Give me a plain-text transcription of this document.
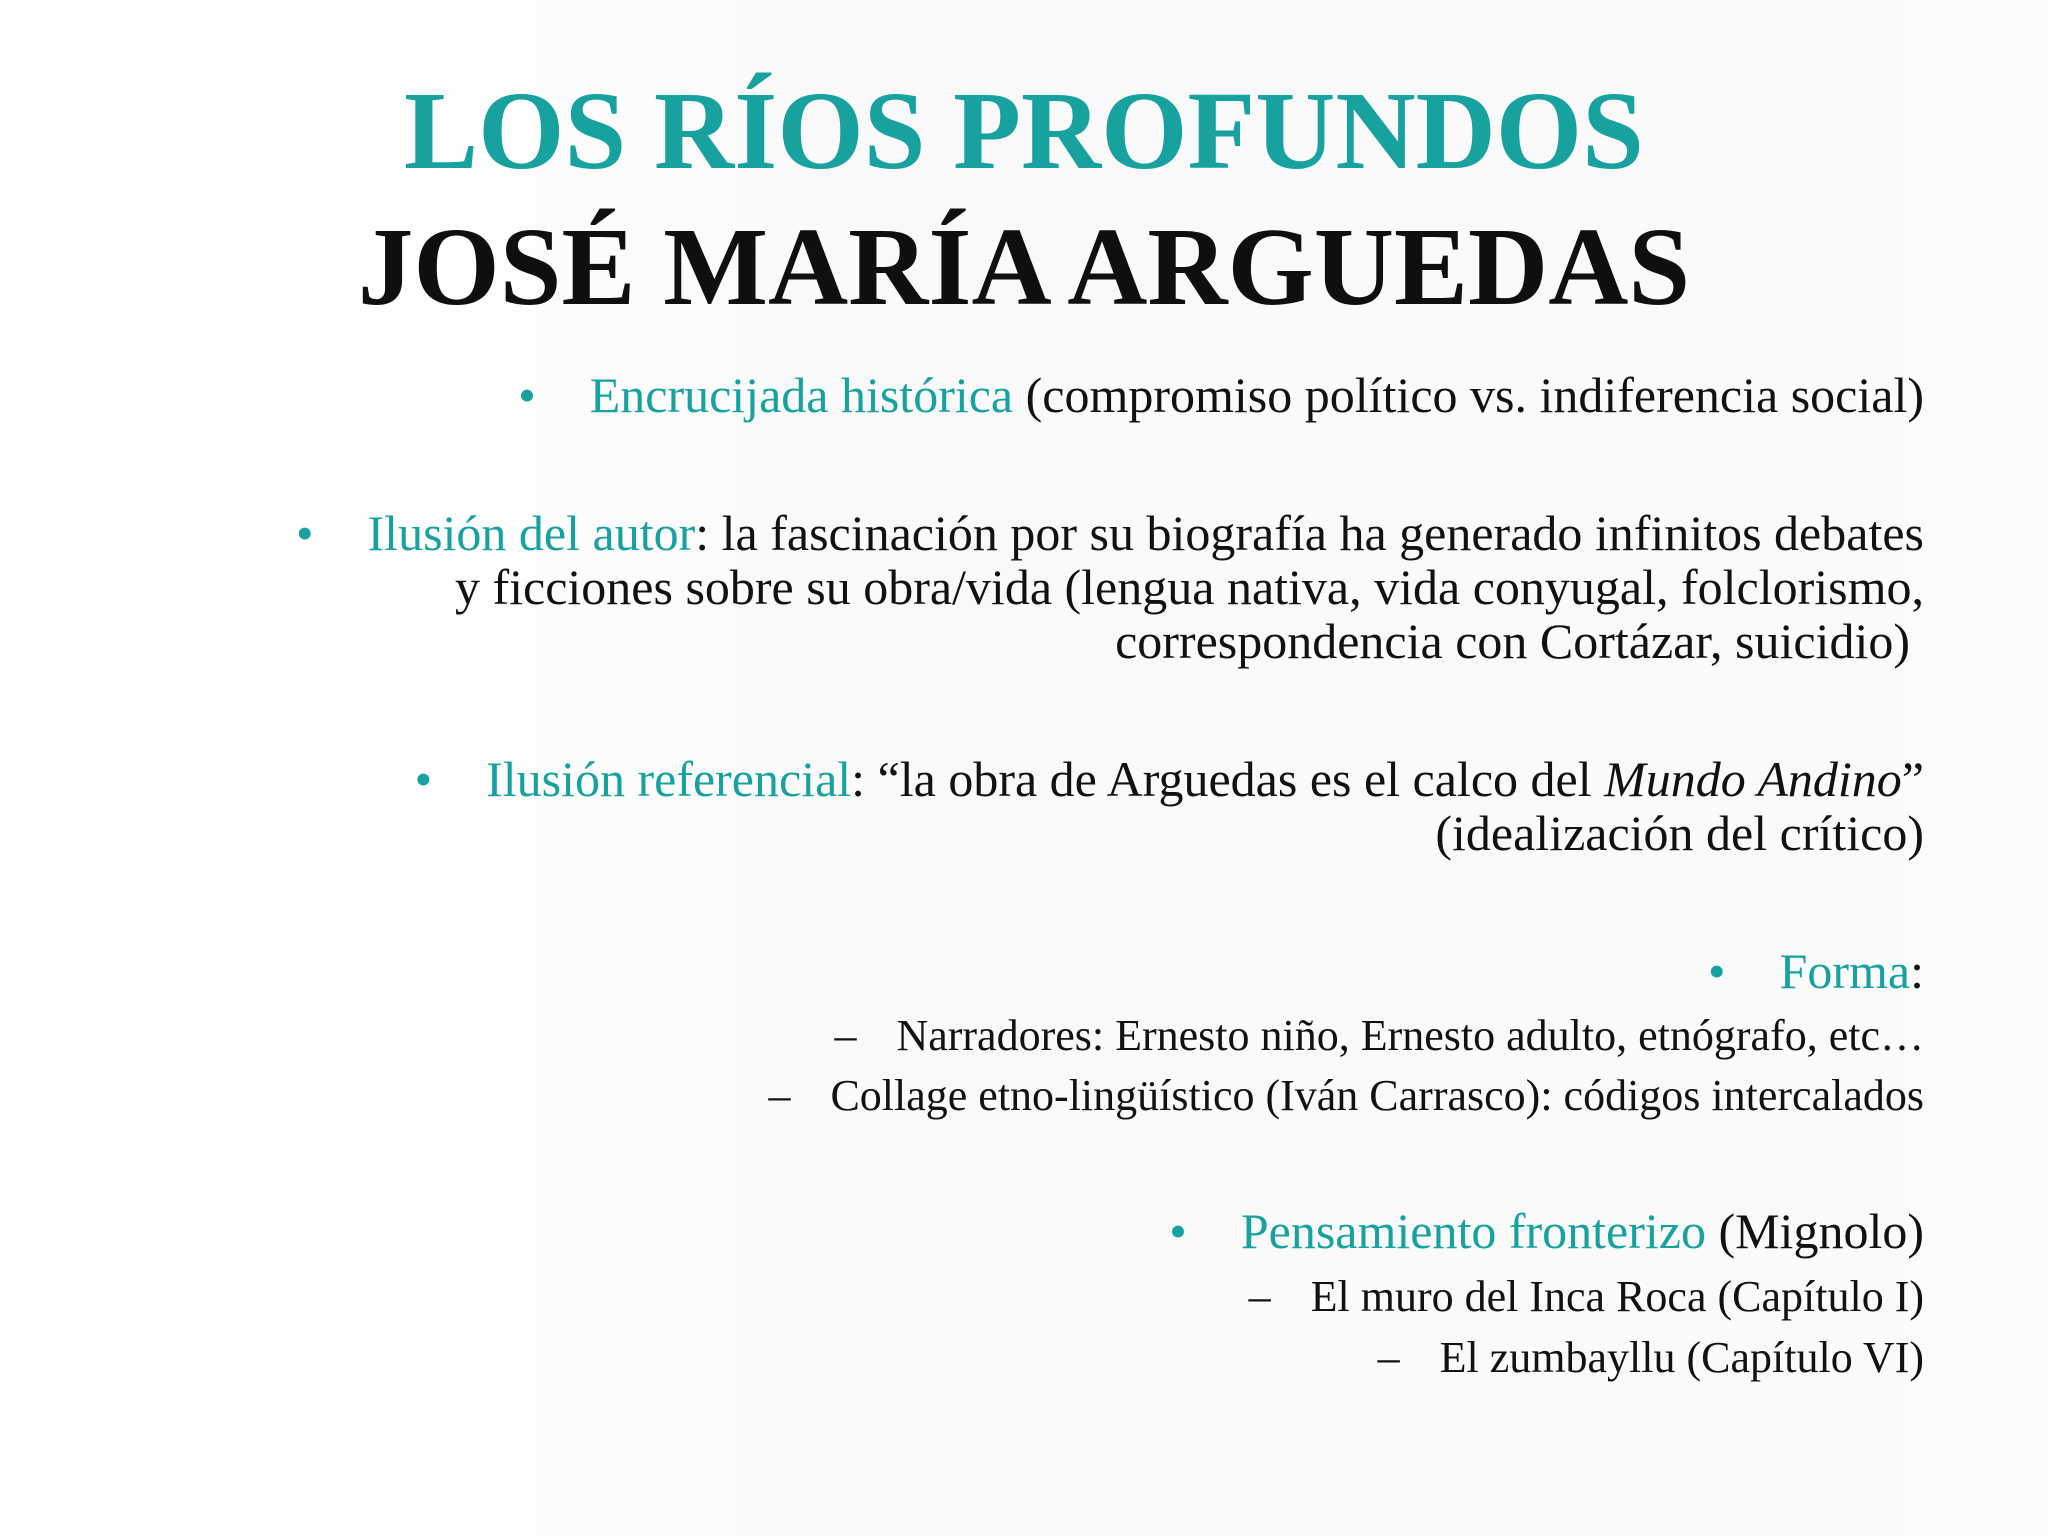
LOS RÍOS PROFUNDOS
JOSÉ MARÍA ARGUEDAS
• Encrucijada histórica (compromiso político vs. indiferencia social)
• Ilusión del autor: la fascinación por su biografía ha generado infinitos debates
y ficciones sobre su obra/vida (lengua nativa, vida conyugal, folclorismo,
correspondencia con Cortázar, suicidio)
• Ilusión referencial: “la obra de Arguedas es el calco del Mundo Andino”
(idealización del crítico)
• Forma:
– Narradores: Ernesto niño, Ernesto adulto, etnógrafo, etc…
– Collage etno-lingüístico (Iván Carrasco): códigos intercalados
• Pensamiento fronterizo (Mignolo)
– El muro del Inca Roca (Capítulo I)
– El zumbayllu (Capítulo VI)
